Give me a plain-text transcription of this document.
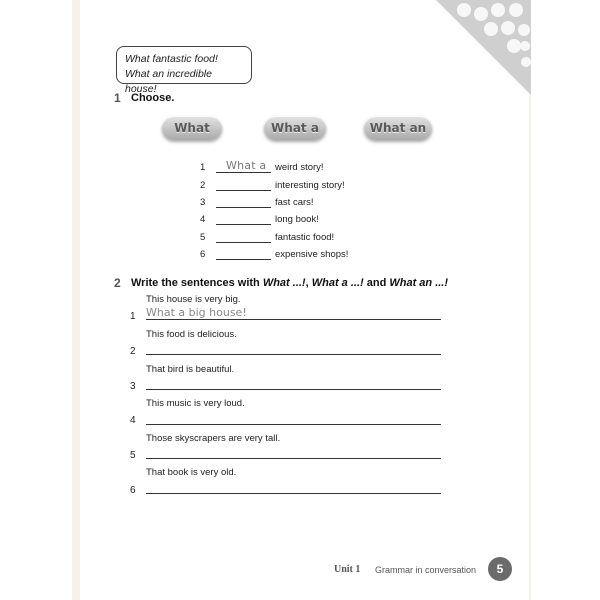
What fantastic food!
What an incredible house!
1 Choose.
What	What a	What an
1	What a weird story!
2	interesting story!
3	fast cars!
4	long book!
5	fantastic food!
6	expensive shops!
2 Write the sentences with What ...!, What a ...! and What an ...!
This house is very big.
1 What a big house!
This food is delicious.
2
That bird is beautiful.
3
This music is very loud.
4
Those skyscrapers are very tall.
5
That book is very old.
6
Unit 1 Grammar in conversation	5
